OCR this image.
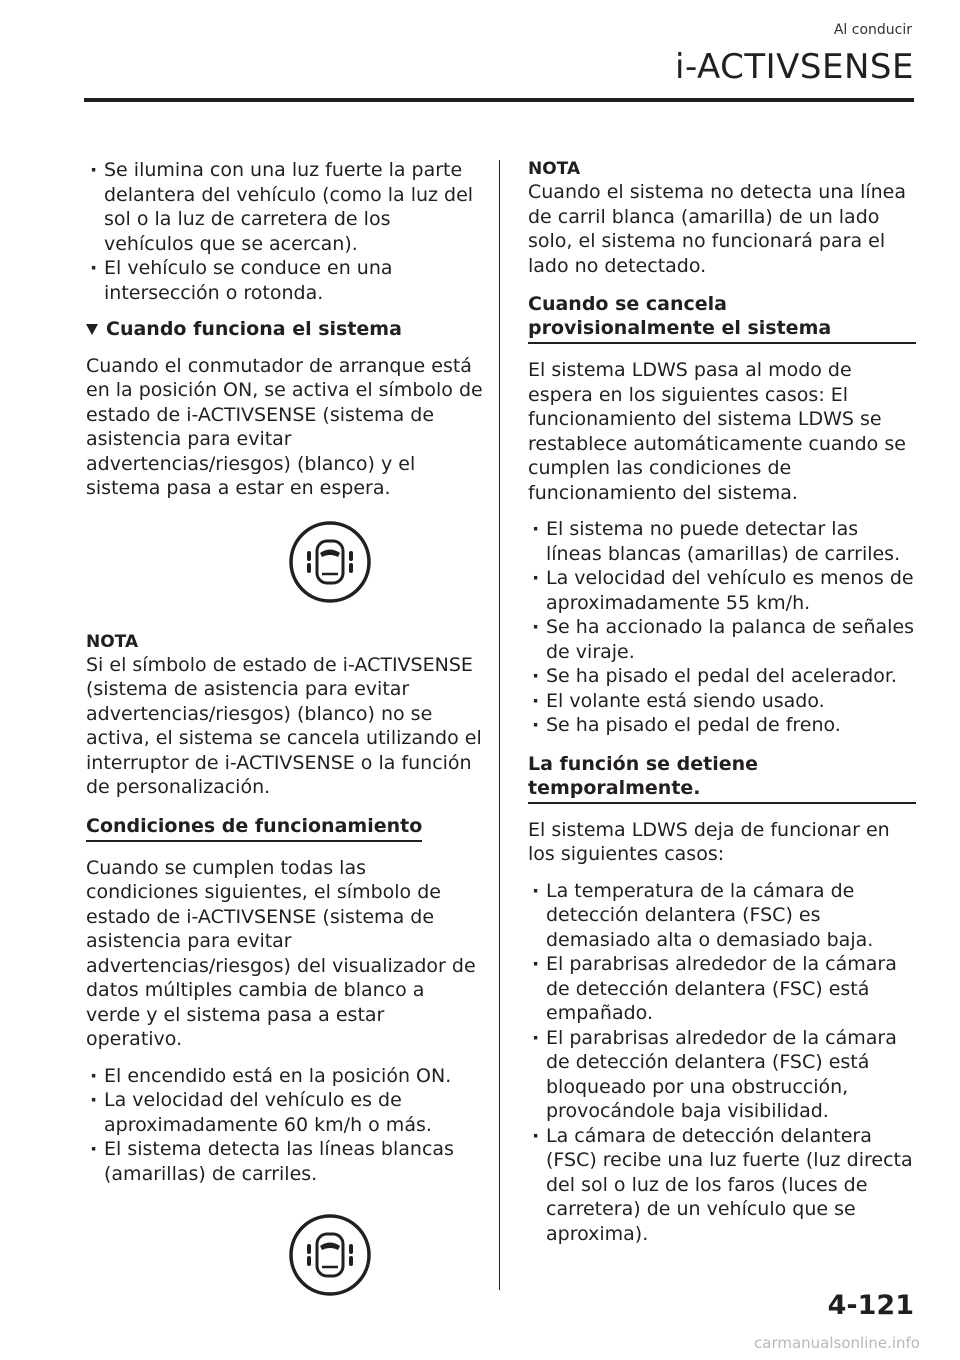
Al conducir
i-ACTIVSENSE
· Se ilumina con una luz fuerte la parte delantera del vehículo (como la luz del sol o la luz de carretera de los vehículos que se acercan).
· El vehículo se conduce en una intersección o rotonda.
Cuando funciona el sistema

Cuando el conmutador de arranque está en la posición ON, se activa el símbolo de estado de i-ACTIVSENSE (sistema de asistencia para evitar advertencias/riesgos) (blanco) y el sistema pasa a estar en espera.

NOTA

Si el símbolo de estado de i-ACTIVSENSE (sistema de asistencia para evitar advertencias/riesgos) (blanco) no se activa, el sistema se cancela utilizando el interruptor de i-ACTIVSENSE o la función de personalización.

Condiciones de funcionamiento

Cuando se cumplen todas las condiciones siguientes, el símbolo de estado de i-ACTIVSENSE (sistema de asistencia para evitar advertencias/riesgos) del visualizador de datos múltiples cambia de blanco a verde y el sistema pasa a estar operativo.

· El encendido está en la posición ON.
· La velocidad del vehículo es de aproximadamente 60 km/h o más.
· El sistema detecta las líneas blancas (amarillas) de carriles.
NOTA

Cuando el sistema no detecta una línea de carril blanca (amarilla) de un lado solo, el sistema no funcionará para el lado no detectado.

Cuando se cancela provisionalmente el sistema

El sistema LDWS pasa al modo de espera en los siguientes casos: El funcionamiento del sistema LDWS se restablece automáticamente cuando se cumplen las condiciones de funcionamiento del sistema.

· El sistema no puede detectar las líneas blancas (amarillas) de carriles.
· La velocidad del vehículo es menos de aproximadamente 55 km/h.
· Se ha accionado la palanca de señales de viraje.
· Se ha pisado el pedal del acelerador.
· El volante está siendo usado.
· Se ha pisado el pedal de freno.
La función se detiene temporalmente.

El sistema LDWS deja de funcionar en los siguientes casos:

· La temperatura de la cámara de detección delantera (FSC) es demasiado alta o demasiado baja.
· El parabrisas alrededor de la cámara de detección delantera (FSC) está empañado.
· El parabrisas alrededor de la cámara de detección delantera (FSC) está bloqueado por una obstrucción, provocándole baja visibilidad.
· La cámara de detección delantera (FSC) recibe una luz fuerte (luz directa del sol o luz de los faros (luces de carretera) de un vehículo que se aproxima).
4-121
carmanualsonline.info
